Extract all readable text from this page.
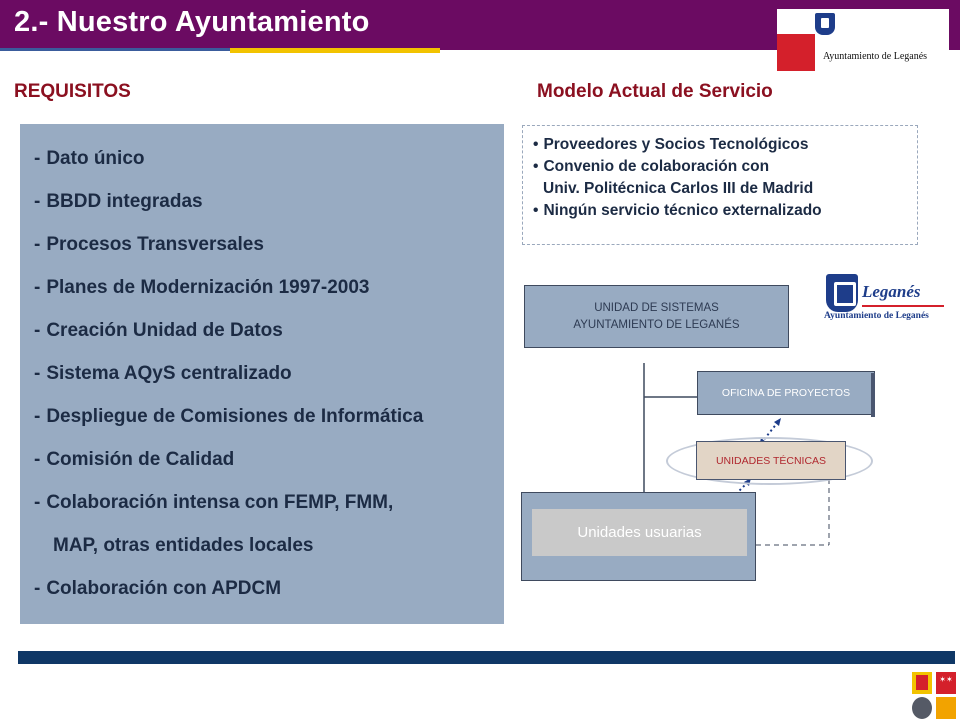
2.- Nuestro Ayuntamiento
Ayuntamiento de Leganés
REQUISITOS	Modelo Actual de Servicio
- Dato único
- BBDD integradas
- Procesos Transversales
- Planes de Modernización 1997-2003
- Creación Unidad de Datos
- Sistema AQyS centralizado
- Despliegue de Comisiones de Informática
- Comisión de Calidad
- Colaboración intensa con FEMP, FMM,
MAP, otras entidades locales
- Colaboración con APDCM
• Proveedores y Socios Tecnológicos
• Convenio de colaboración con
Univ. Politécnica Carlos III de Madrid
• Ningún servicio técnico externalizado
Leganés
Ayuntamiento de Leganés
UNIDAD DE SISTEMAS
AYUNTAMIENTO DE LEGANÉS
OFICINA DE PROYECTOS
UNIDADES TÉCNICAS
Unidades usuarias
✶✶
